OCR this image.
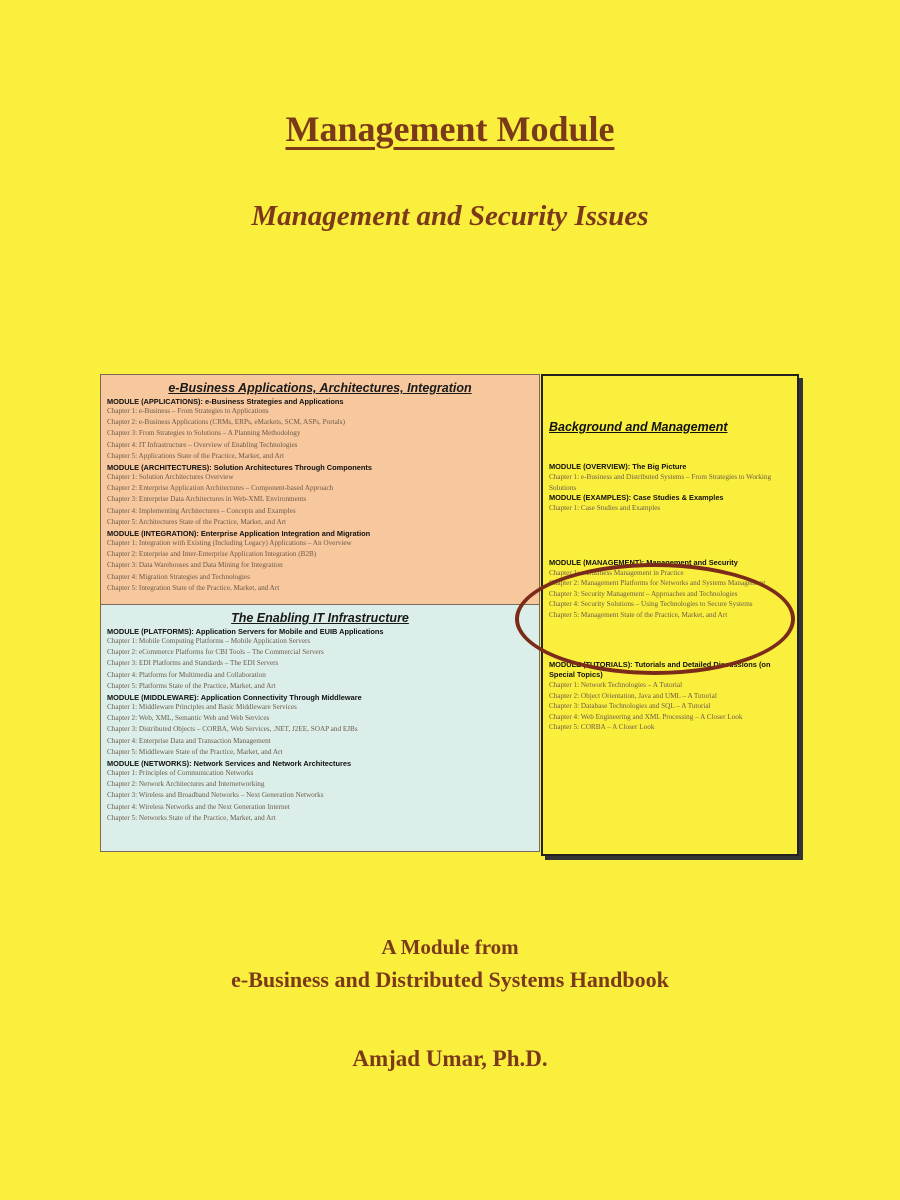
Management Module
Management and Security Issues
e-Business Applications, Architectures, Integration
MODULE (APPLICATIONS): e-Business Strategies and Applications
Chapter 1: e-Business – From Strategies to Applications
Chapter 2: e-Business Applications (CRMs, ERPs, eMarkets, SCM, ASPs, Portals)
Chapter 3: From Strategies to Solutions – A Planning Methodology
Chapter 4: IT Infrastructure – Overview of Enabling Technologies
Chapter 5: Applications State of the Practice, Market, and Art
MODULE (ARCHITECTURES): Solution Architectures Through Components
Chapter 1: Solution Architectures Overview
Chapter 2: Enterprise Application Architectures – Component-based Approach
Chapter 3: Enterprise Data Architectures in Web-XML Environments
Chapter 4: Implementing Architectures – Concepts and Examples
Chapter 5: Architectures State of the Practice, Market, and Art
MODULE (INTEGRATION): Enterprise Application Integration and Migration
Chapter 1: Integration with Existing (Including Legacy) Applications – An Overview
Chapter 2: Enterprise and Inter-Enterprise Application Integration (B2B)
Chapter 3: Data Warehouses and Data Mining for Integration
Chapter 4: Migration Strategies and Technologies
Chapter 5: Integration State of the Practice, Market, and Art
The Enabling IT Infrastructure
MODULE (PLATFORMS): Application Servers for Mobile and EUIB Applications
Chapter 1: Mobile Computing Platforms – Mobile Application Servers
Chapter 2: eCommerce Platforms for CBI Tools – The Commercial Servers
Chapter 3: EDI Platforms and Standards – The EDI Servers
Chapter 4: Platforms for Multimedia and Collaboration
Chapter 5: Platforms State of the Practice, Market, and Art
MODULE (MIDDLEWARE): Application Connectivity Through Middleware
Chapter 1: Middleware Principles and Basic Middleware Services
Chapter 2: Web, XML, Semantic Web and Web Services
Chapter 3: Distributed Objects – CORBA, Web Services, .NET, J2EE, SOAP and EJBs
Chapter 4: Enterprise Data and Transaction Management
Chapter 5: Middleware State of the Practice, Market, and Art
MODULE (NETWORKS): Network Services and Network Architectures
Chapter 1: Principles of Communication Networks
Chapter 2: Network Architectures and Internetworking
Chapter 3: Wireless and Broadband Networks – Next Generation Networks
Chapter 4: Wireless Networks and the Next Generation Internet
Chapter 5: Networks State of the Practice, Market, and Art
Background and Management
MODULE (OVERVIEW): The Big Picture
Chapter 1: e-Business and Distributed Systems – From Strategies to Working Solutions
MODULE (EXAMPLES): Case Studies & Examples
Chapter 1: Case Studies and Examples
MODULE (MANAGEMENT): Management and Security
Chapter 1: e-Business Management in Practice
Chapter 2: Management Platforms for Networks and Systems Management
Chapter 3: Security Management – Approaches and Technologies
Chapter 4: Security Solutions – Using Technologies to Secure Systems
Chapter 5: Management State of the Practice, Market, and Art
MODULE (TUTORIALS): Tutorials and Detailed Discussions (on Special Topics)
Chapter 1: Network Technologies – A Tutorial
Chapter 2: Object Orientation, Java and UML – A Tutorial
Chapter 3: Database Technologies and SQL – A Tutorial
Chapter 4: Web Engineering and XML Processing – A Closer Look
Chapter 5: CORBA – A Closer Look
A Module from
e-Business and Distributed Systems Handbook
Amjad Umar, Ph.D.
